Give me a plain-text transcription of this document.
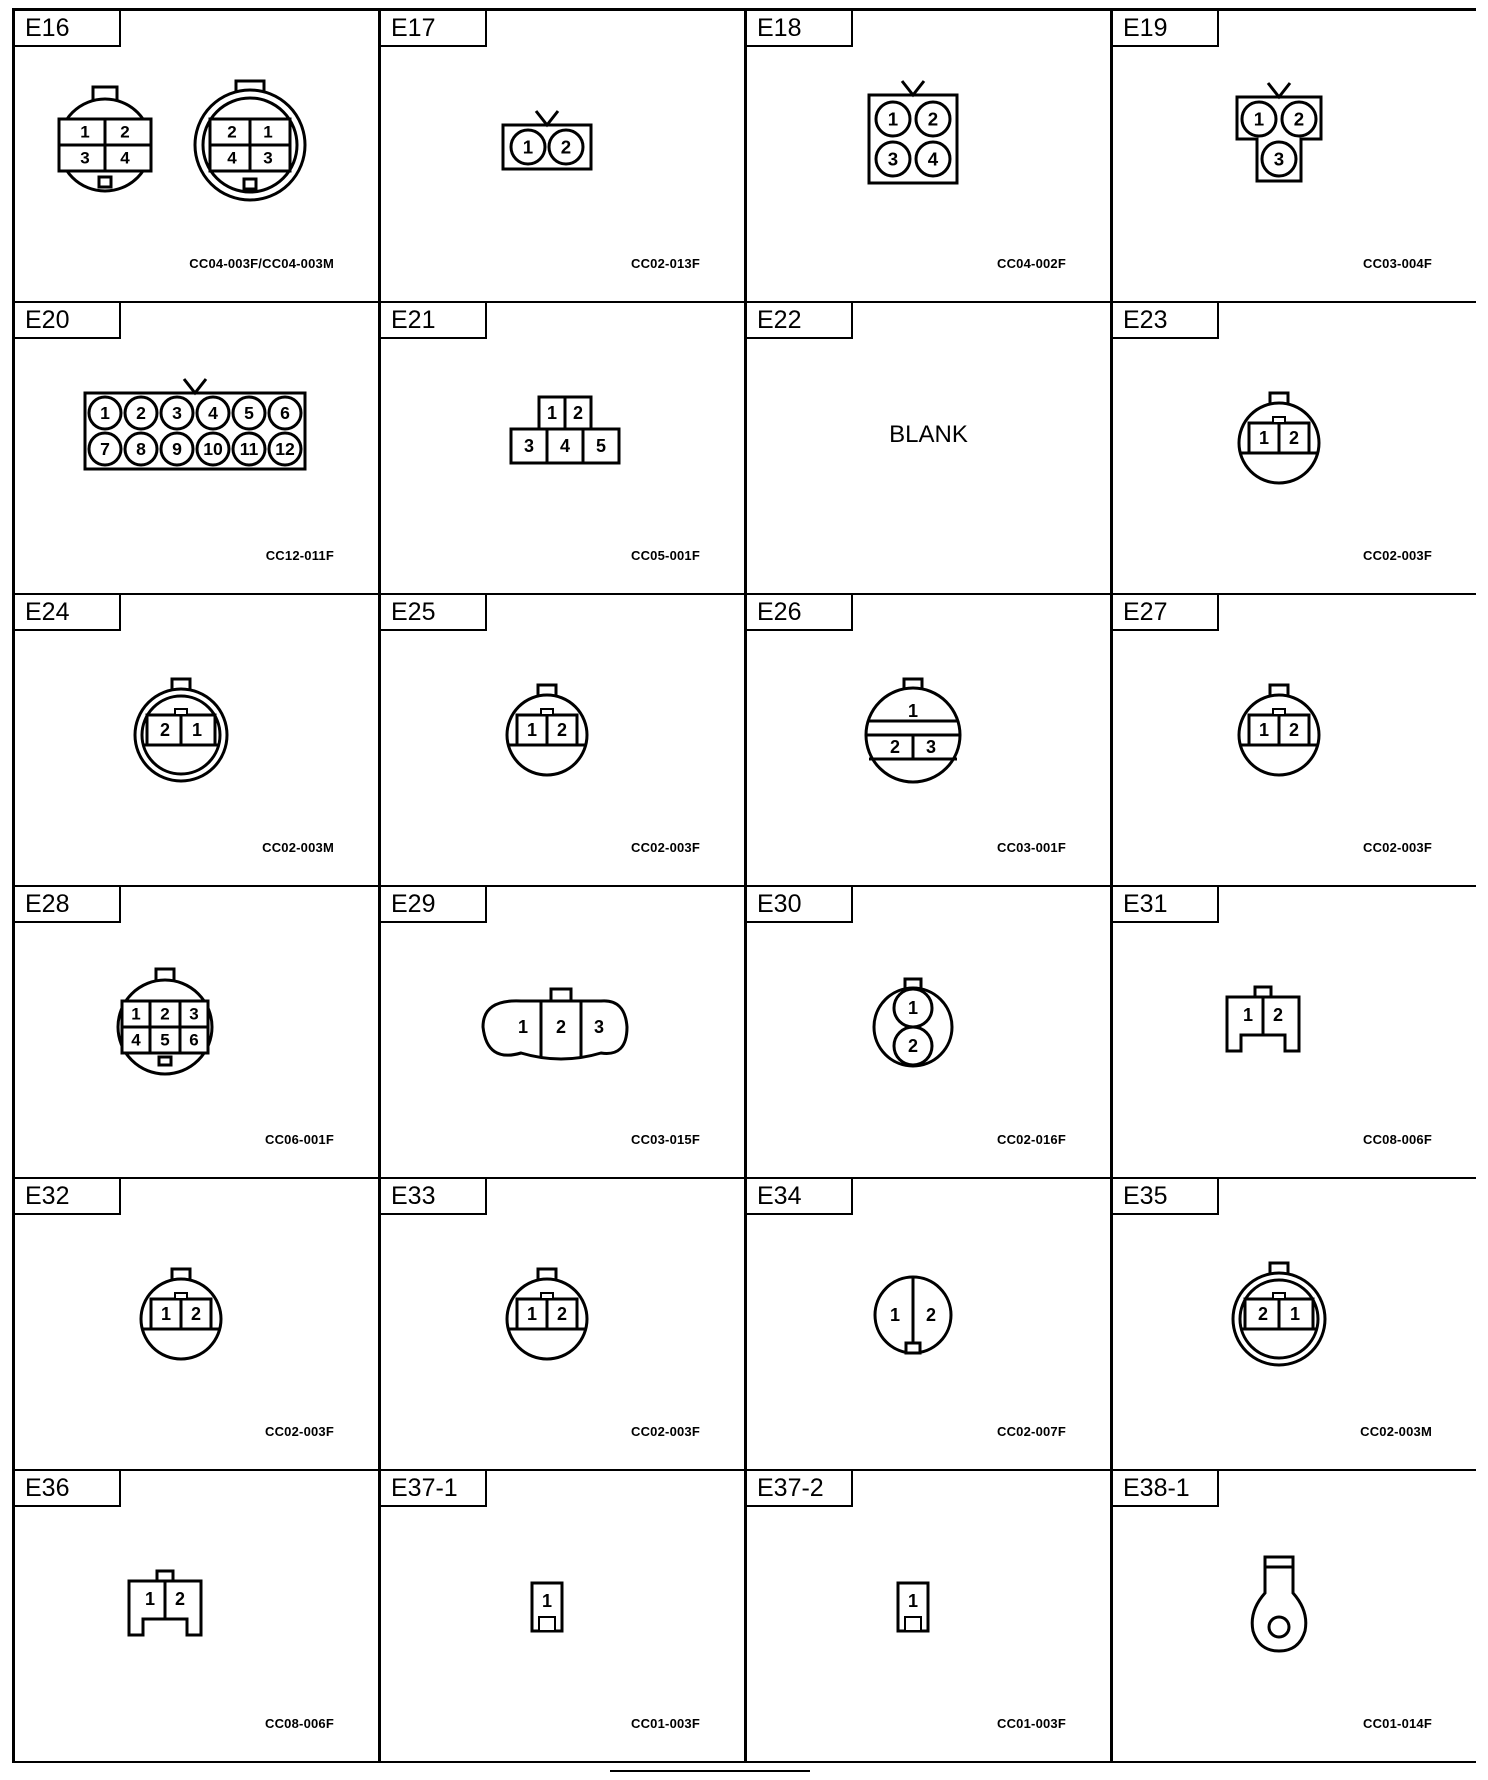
E16
1 2
3 4
2 1
4 3
CC04-003F/CC04-003M
E17
1 2
CC02-013F
E18
1 2
3 4
CC04-002F
E19
1 2
3
CC03-004F
E20
1
7
2
8
3
9
4
10
5
11
6
12
CC12-011F
E21
1 2
3 4 5
CC05-001F
E22
BLANK
E23
1 2
CC02-003F
E24
2 1
CC02-003M
E25
1 2
CC02-003F
E26
1
2 3
CC03-001F
E27
1 2
CC02-003F
E28
1 2 3
4 5 6
CC06-001F
E29
1 2 3
CC03-015F
E30
1
2
CC02-016F
E31
1 2
CC08-006F
E32
1 2
CC02-003F
E33
1 2
CC02-003F
E34
1 2
CC02-007F
E35
2 1
CC02-003M
E36
1 2
CC08-006F
E37-1
1
CC01-003F
E37-2
1
CC01-003F
E38-1
CC01-014F
